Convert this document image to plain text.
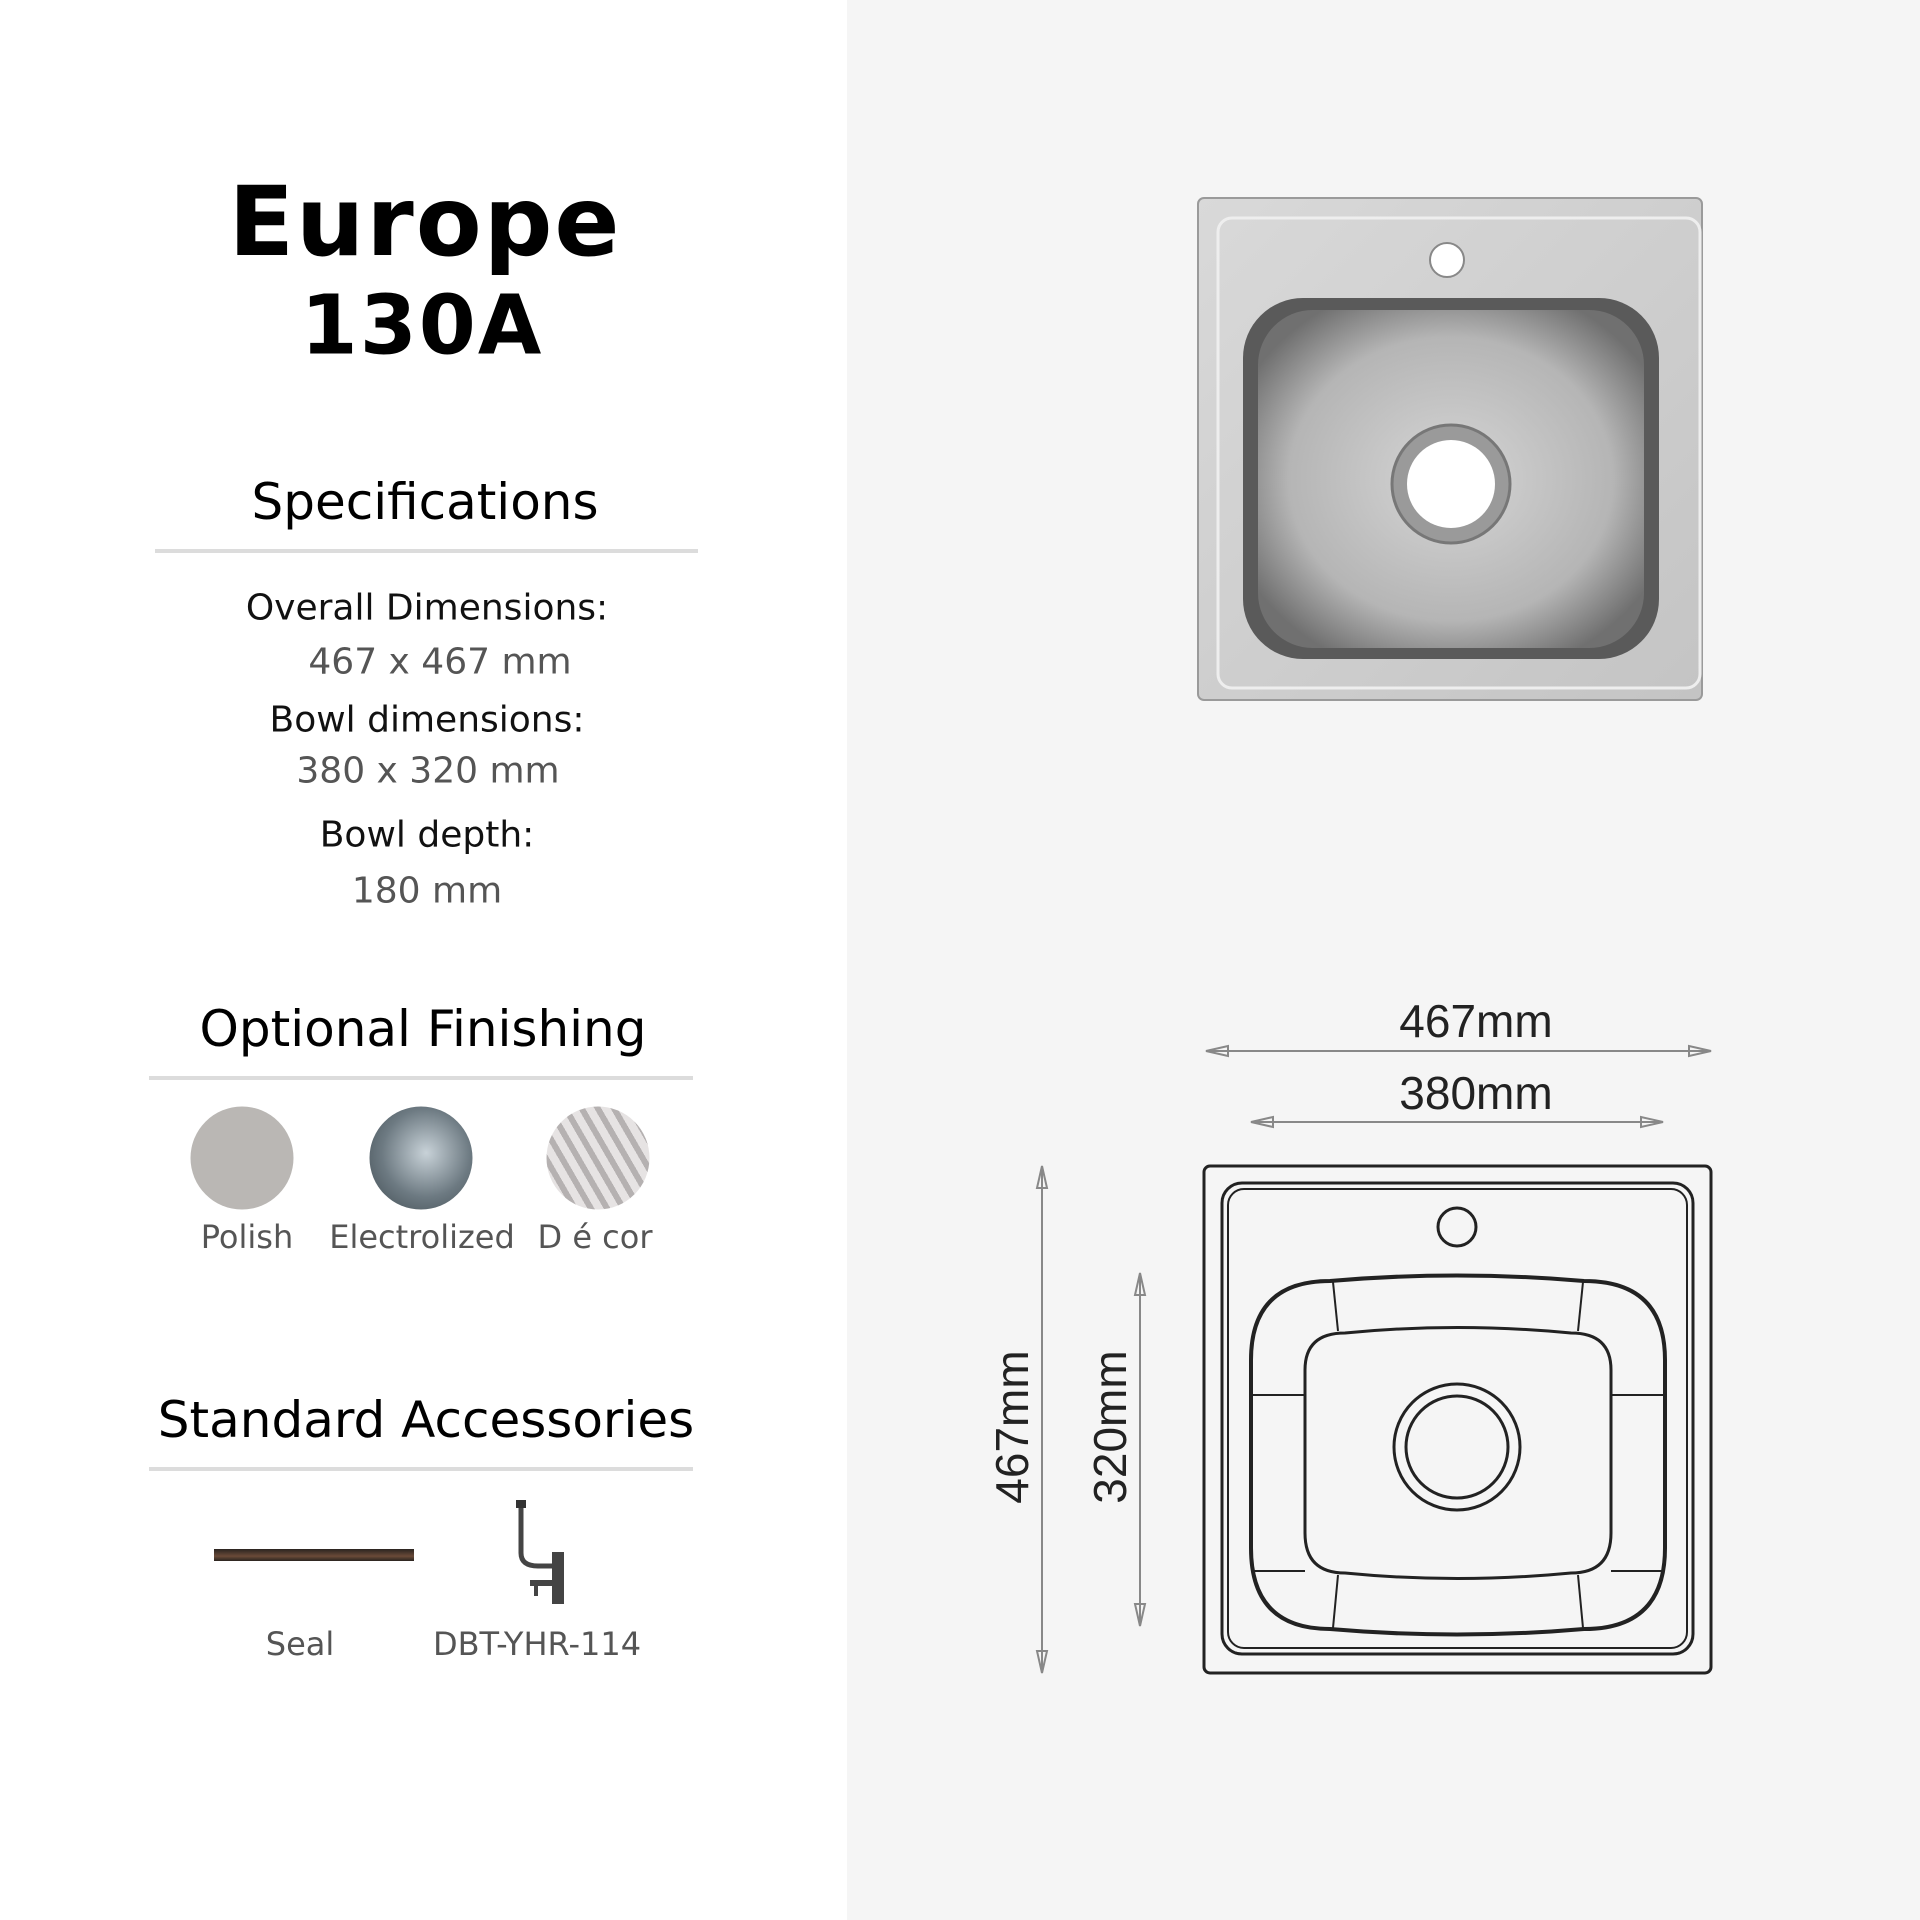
Europe
130A
Specifications
Overall Dimensions:
467 x 467 mm
Bowl dimensions:
380 x 320 mm
Bowl depth:
180 mm
Optional Finishing
Polish Electrolized D é cor
Standard Accessories
Seal	DBT-YHR-114
467mm
380mm
467mm 320mm
